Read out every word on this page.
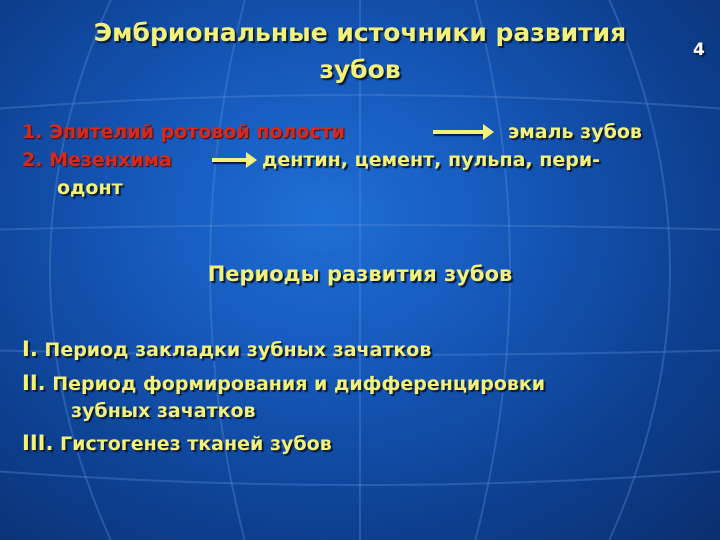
Эмбриональные источники развития
зубов
4
1. Эпителий ротовой полости	эмаль зубов
2. Мезенхима	дентин, цемент, пульпа, пери-
одонт
Периоды развития зубов
I. Период закладки зубных зачатков
II. Период формирования и дифференцировки
зубных зачатков
III. Гистогенез тканей зубов
